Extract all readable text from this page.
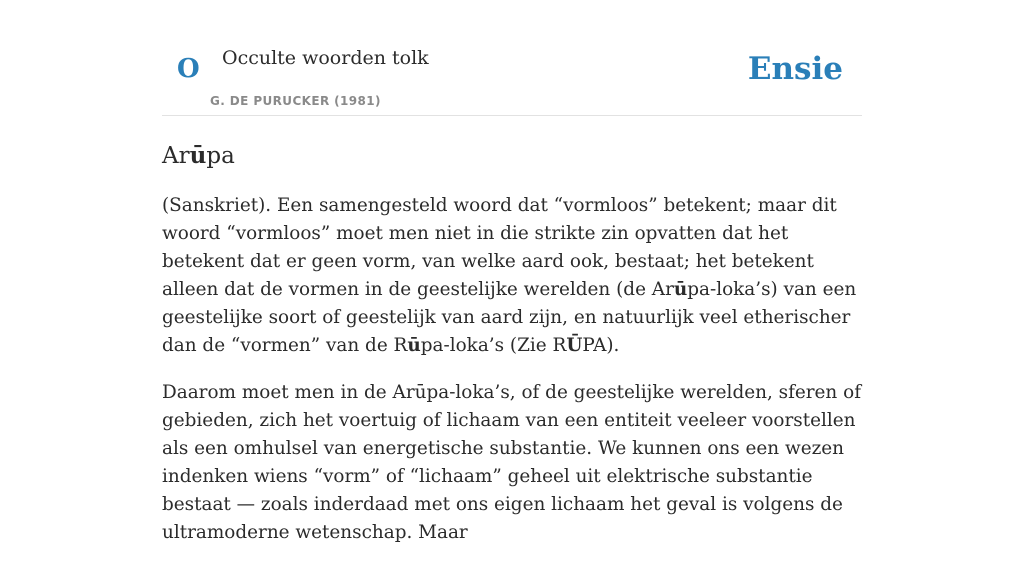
O Occulte woorden tolk
G. DE PURUCKER (1981)
Ensie
Arūpa

(Sanskriet). Een samengesteld woord dat “vormloos” betekent; maar dit woord “vormloos” moet men niet in die strikte zin opvatten dat het betekent dat er geen vorm, van welke aard ook, bestaat; het betekent alleen dat de vormen in de geestelijke werelden (de Arūpa-loka’s) van een geestelijke soort of geestelijk van aard zijn, en natuurlijk veel etherischer dan de “vormen” van de Rūpa-loka’s (Zie RŪPA).

Daarom moet men in de Arūpa-loka’s, of de geestelijke werelden, sferen of gebieden, zich het voertuig of lichaam van een entiteit veeleer voorstellen als een omhulsel van energetische substantie. We kunnen ons een wezen indenken wiens “vorm” of “lichaam” geheel uit elektrische substantie bestaat — zoals inderdaad met ons eigen lichaam het geval is volgens de ultramoderne wetenschap. Maar
